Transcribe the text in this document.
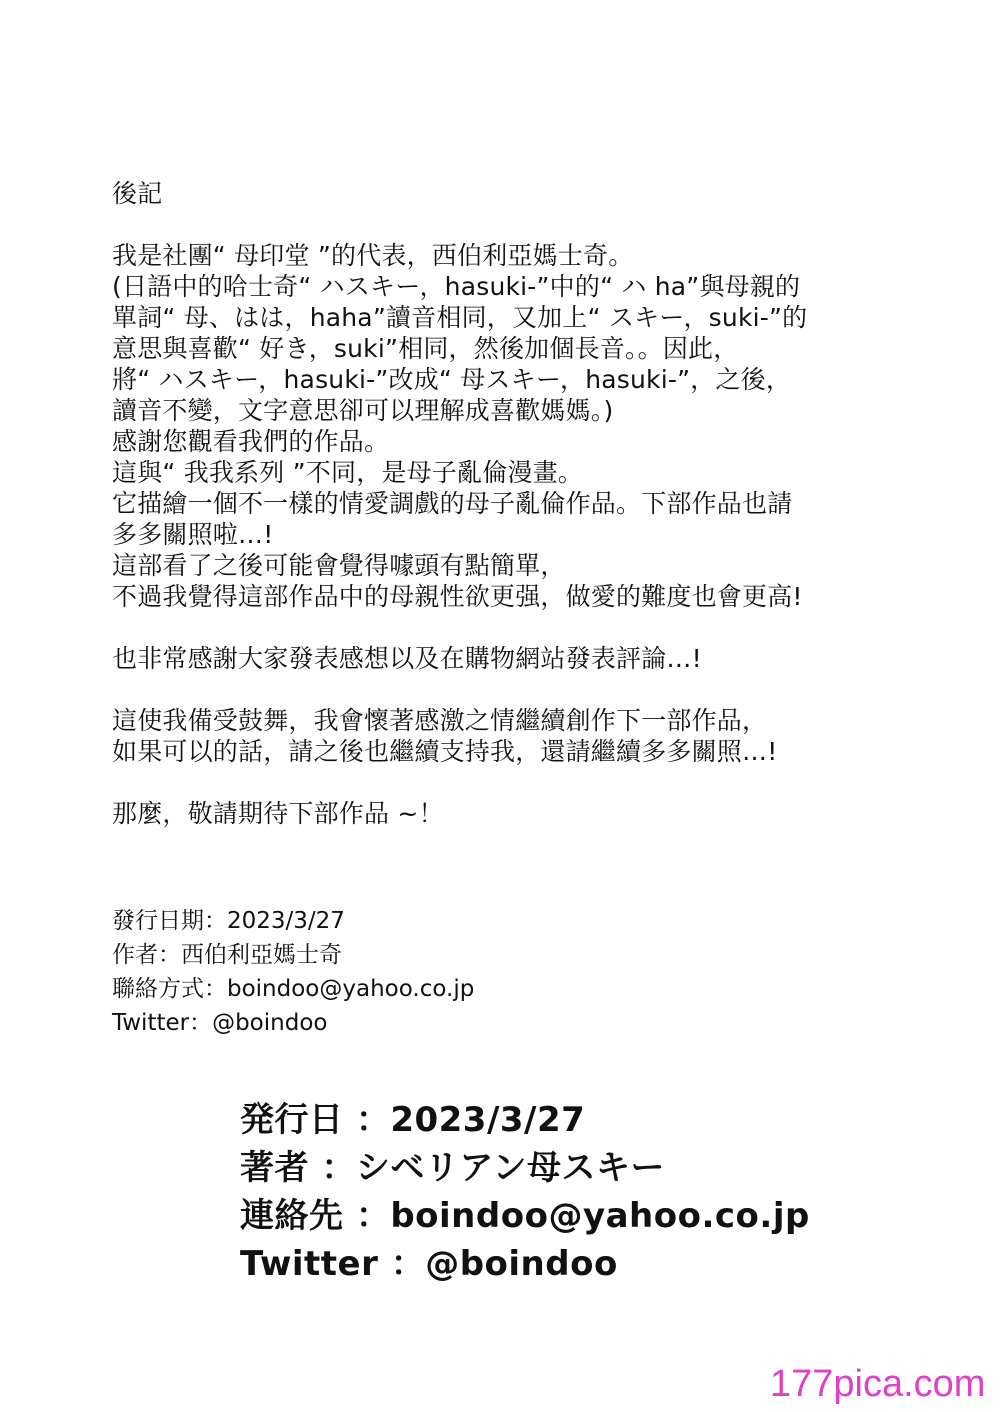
後記
我是社團“ 母印堂 ”的代表，西伯利亞媽士奇。
(日語中的哈士奇“ ハスキー，hasuki-”中的“ ハ ha”與母親的
單詞“ 母、はは，haha”讀音相同，又加上“ スキー，suki-”的
意思與喜歡“ 好き，suki”相同，然後加個長音。。因此，
將“ ハスキー，hasuki-”改成“ 母スキー，hasuki-”，之後，
讀音不變，文字意思卻可以理解成喜歡媽媽。)
感謝您觀看我們的作品。
這與“ 我我系列 ”不同，是母子亂倫漫畫。
它描繪一個不一樣的情愛調戲的母子亂倫作品。下部作品也請
多多關照啦…!
這部看了之後可能會覺得噱頭有點簡單，
不過我覺得這部作品中的母親性欲更强，做愛的難度也會更高!
也非常感謝大家發表感想以及在購物網站發表評論…!
這使我備受鼓舞，我會懷著感激之情繼續創作下一部作品，
如果可以的話，請之後也繼續支持我，還請繼續多多關照…!
那麼，敬請期待下部作品 ~！
發行日期：2023/3/27
作者：西伯利亞媽士奇
聯絡方式：boindoo@yahoo.co.jp
Twitter：@boindoo
発行日 ：2023/3/27
著者 ：シベリアン母スキー
連絡先 ：boindoo@yahoo.co.jp
Twitter ：@boindoo
177pica.com
